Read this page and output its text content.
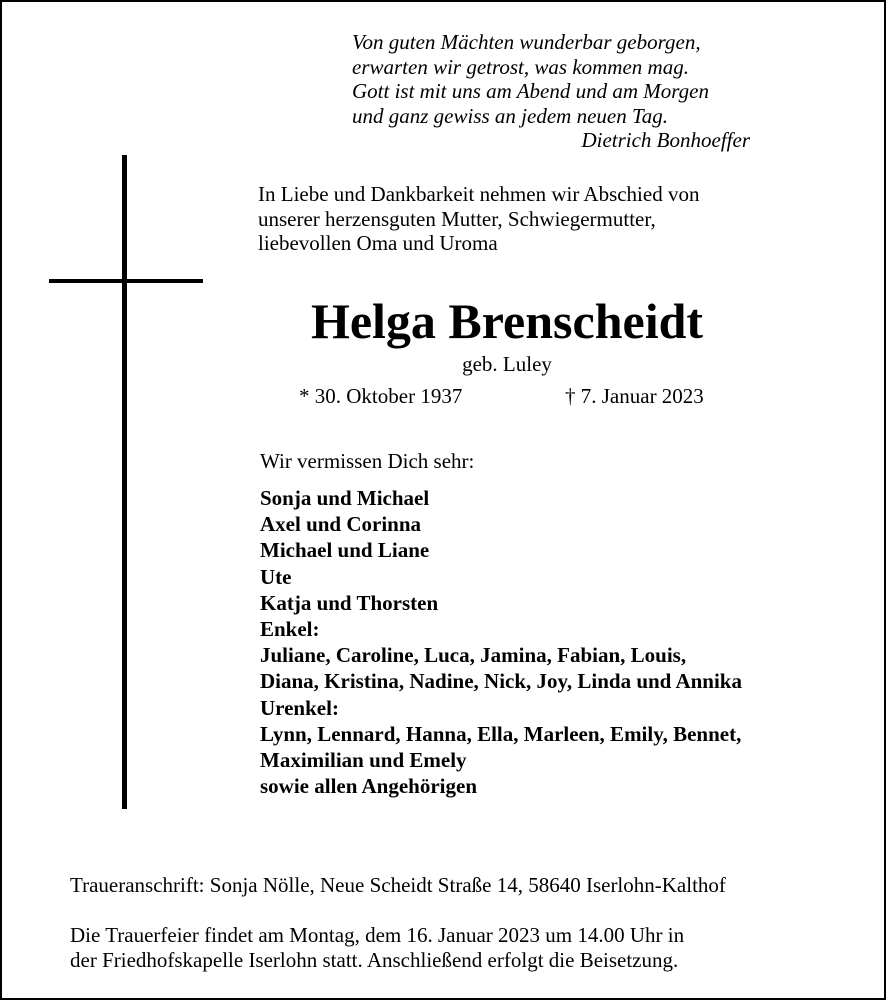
Von guten Mächten wunderbar geborgen,
erwarten wir getrost, was kommen mag.
Gott ist mit uns am Abend und am Morgen
und ganz gewiss an jedem neuen Tag.
Dietrich Bonhoeffer
In Liebe und Dankbarkeit nehmen wir Abschied von
unserer herzensguten Mutter, Schwiegermutter,
liebevollen Oma und Uroma
Helga Brenscheidt
geb. Luley
* 30. Oktober 1937	† 7. Januar 2023
Wir vermissen Dich sehr:
Sonja und Michael
Axel und Corinna
Michael und Liane
Ute
Katja und Thorsten
Enkel:
Juliane, Caroline, Luca, Jamina, Fabian, Louis,
Diana, Kristina, Nadine, Nick, Joy, Linda und Annika
Urenkel:
Lynn, Lennard, Hanna, Ella, Marleen, Emily, Bennet,
Maximilian und Emely
sowie allen Angehörigen
Traueranschrift: Sonja Nölle, Neue Scheidt Straße 14, 58640 Iserlohn-Kalthof
Die Trauerfeier findet am Montag, dem 16. Januar 2023 um 14.00 Uhr in
der Friedhofskapelle Iserlohn statt. Anschließend erfolgt die Beisetzung.
